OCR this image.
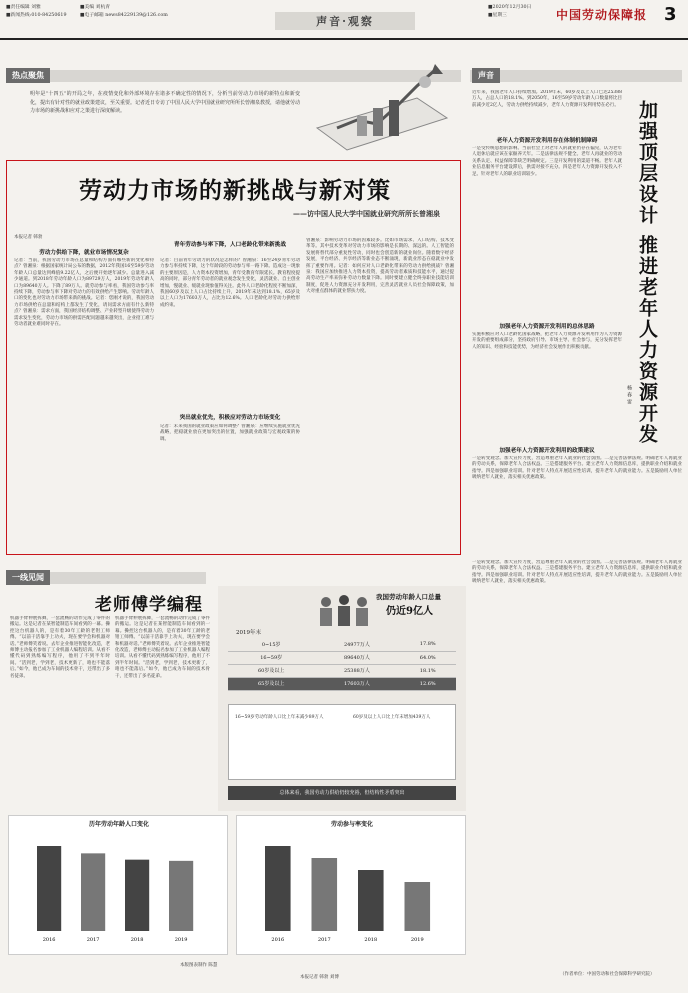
■责任编辑 刘雅	■美编 刘杭青
■新闻热线:010-84250619	■电子邮箱 news84229139@126.com	声音·观察
■2020年12月30日
■星期三	中国劳动保障报 3
热点聚焦
明年是“十四五”的开局之年，在疫情变化和外部环境存在诸多不确定性的情况下，分析当前劳动力市场的新特点和新变化，提出有针对性的就业政策建议，至关重要。记者近日专访了中国人民大学中国就业研究所所长曾湘泉教授，请他就劳动力市场的新挑战和应对之策进行深度解读。
劳动力市场的新挑战与新对策
——访中国人民大学中国就业研究所所长曾湘泉
本报记者 韩勃
劳动力供给下降，就业市场情况复杂
记者：当前，我国劳动力市场在总量和结构方面有哪些新的变化和特点？曾湘泉：根据国家统计局公布的数据，2012年我国16至59岁劳动年龄人口总量达到峰值9.22亿人，之后便开始逐年减少。总量进入减少通道。到2018年劳动年龄人口为89729万人，2019年劳动年龄人口为89640万人。下降了89万人。就劳动参与率看，我国劳动参与率持续下降，劳动参与率下降对劳动力的有效供给产生影响。劳动年龄人口的变化也对劳动力市场带来新的挑战。记者：您刚才说的，我国劳动力市场供给在总量和结构上都发生了变化，请问需求方面有什么新特点？曾湘泉：需求方面，我国经济结构调整、产业转型升级使得劳动力需求发生变化，劳动力市场的供需匹配问题越来越突出，企业招工难与劳动者就业难同时存在。
青年劳动参与率下降，人口老龄化带来新挑战
记者：目前青年劳动力的状况是怎样的？曾湘泉：16至24岁青年劳动力参与率持续下降，这个年龄段的劳动参与率一路下降。造成这一现象的主要原因是，人力资本投资增加，青年受教育年限延长。教育程度提高的同时，部分青年劳动者的就业观念发生变化，灵活就业、自主创业增加，慢就业、缓就业现象值得关注。此外人口老龄化程度不断加深，我国60岁及以上人口占比持续上升，2019年末达到18.1%，65岁及以上人口为17603万人，占比为12.6%。人口老龄化对劳动力供给形成约束。
突出就业优先，积极应对劳动力市场变化
记者：未来我国的就业政策应如何调整？曾湘泉：应继续实施就业优先战略，把稳就业放在更加突出的位置，加强就业政策与宏观政策的协调。
曾湘泉：影响劳动力市场的因素较多。比如市场需求、人口结构、技术变革等。其中技术变革对劳动力市场的影响是长期的、深远的。人工智能的发展将替代部分重复性劳动，同时也会创造新的就业岗位。随着数字经济发展，平台经济、共享经济等新业态不断涌现，新就业形态在稳就业中发挥了重要作用。记者：如何应对人口老龄化带来的劳动力供给挑战？曾湘泉：我国应加快推进人力资本投资，提高劳动者素质和技能水平，通过提高劳动生产率来弥补劳动力数量下降。同时要建立健全终身职业技能培训制度，促进人力资源充分开发利用，完善灵活就业人员社会保障政策，加大对重点群体的就业帮扶力度。
声音
近年来，我国老年人口持续增加。2019年末，60岁及以上人口已达25388万人，占总人口的18.1%。到2050年，16至59岁劳动年龄人口数量将比目前减少近2亿人，劳动力供给持续减少，老年人力资源开发利用势在必行。
老年人力资源开发利用存在体制机制障碍
一是受传统思想的影响。当前社会上对老年人的就业仍存在偏见，认为老年人退休后就应该在家颐养天年。二是法律法规不健全。老年人再就业的劳动关系认定、权益保障等缺乏明确规定。三是开发利用的渠道不畅。老年人就业信息服务平台建设滞后，供需对接不充分。四是老年人力资源开发投入不足。针对老年人的职业培训较少。
加强老年人力资源开发利用的总体思路
实施积极应对人口老龄化国家战略，把老年人力资源开发利用作为人力资源开发的重要组成部分，坚持政府引导、市场主导、社会参与，充分发挥老年人的知识、经验和技能优势，为经济社会发展作出积极贡献。
加强老年人力资源开发利用的政策建议
一是转变观念。加大宣传力度，营造尊重老年人就业的社会氛围。二是完善法律法规。明确老年人再就业的劳动关系，保障老年人合法权益。三是搭建服务平台。建立老年人力资源信息库，提供职业介绍和就业指导。四是加强职业培训。针对老年人特点开展适应性培训，提升老年人的就业能力。五是鼓励用人单位吸纳老年人就业，落实相关优惠政策。
加强顶层设计 推进老年人力资源开发
杨春雷
一是转变观念。加大宣传力度，营造尊重老年人就业的社会氛围。二是完善法律法规。明确老年人再就业的劳动关系，保障老年人合法权益。三是搭建服务平台。建立老年人力资源信息库，提供职业介绍和就业指导。四是加强职业培训。针对老年人特点开展适应性培训，提升老年人的就业能力。五是鼓励用人单位吸纳老年人就业，落实相关优惠政策。
（作者单位：中国劳动和社会保障科学研究院）
一线见闻
老师傅学编程
机器手臂伸展挥舞，一套流畅的动作完成了零件的搬运。这是记者在某智能制造车间看到的一幕。操控这台机器人的，是有着30年工龄的老钳工师傅。“以前干活靠手上功夫，现在要学会和机器对话。”老师傅笑着说。去年企业推进智能化改造，老师傅主动报名参加了工业机器人编程培训。从看不懂代码到熟练编写程序，他用了不到半年时间。“活到老，学到老，技术更新了，咱也不能落后。”如今，他已成为车间的技术骨干，还带出了多名徒弟。
机器手臂伸展挥舞，一套流畅的动作完成了零件的搬运。这是记者在某智能制造车间看到的一幕。操控这台机器人的，是有着30年工龄的老钳工师傅。“以前干活靠手上功夫，现在要学会和机器对话。”老师傅笑着说。去年企业推进智能化改造，老师傅主动报名参加了工业机器人编程培训。从看不懂代码到熟练编写程序，他用了不到半年时间。“活到老，学到老，技术更新了，咱也不能落后。”如今，他已成为车间的技术骨干，还带出了多名徒弟。
我国劳动年龄人口总量
仍近9亿人
2019年末
0~15岁	24977万人	17.8%
16~59岁	89640万人	64.0%
60岁及以上	25388万人	18.1%
65岁及以上	17603万人	12.6%
16~59岁劳动年龄人口比上年末减少89万人	60岁及以上人口比上年末增加439万人
总体来看，我国劳动力供给仍较充裕，但结构性矛盾突出
历年劳动年龄人口变化
2016	2017	2018	2019
劳动参与率变化
2016	2017	2018	2019
本报记者 韩勃 刘博
本版图表制作 陈慧
